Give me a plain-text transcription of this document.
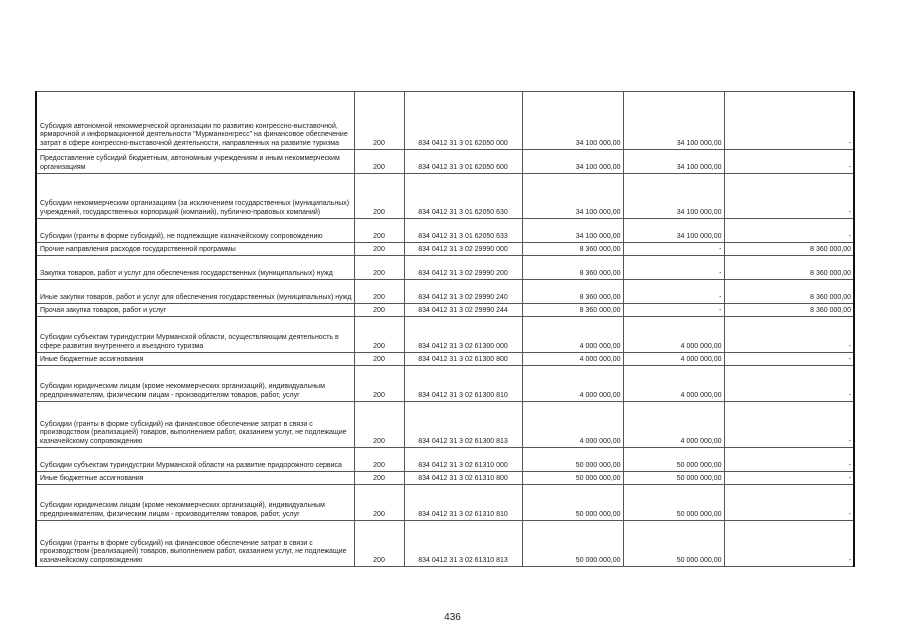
Субсидия автономной некоммерческой организации по развитию конгрессно-выставочной, ярмарочной и информационной деятельности "Мурманконгресс" на финансовое обеспечение затрат в сфере конгрессно-выставочной деятельности, направленных на развитие туризма	200	834 0412 31 3 01 62050 000	34 100 000,00	34 100 000,00	-
Предоставление субсидий бюджетным, автономным учреждениям и иным некоммерческим организациям	200	834 0412 31 3 01 62050 600	34 100 000,00	34 100 000,00	-
Субсидии некоммерческим организациям (за исключением государственных (муниципальных) учреждений, государственных корпораций (компаний), публично-правовых компаний)	200	834 0412 31 3 01 62050 630	34 100 000,00	34 100 000,00	-
Субсидии (гранты в форме субсидий), не подлежащие казначейскому сопровождению	200	834 0412 31 3 01 62050 633	34 100 000,00	34 100 000,00	-
Прочие направления расходов государственной программы	200	834 0412 31 3 02 29990 000	8 360 000,00	-	8 360 000,00
Закупка товаров, работ и услуг для обеспечения государственных (муниципальных) нужд	200	834 0412 31 3 02 29990 200	8 360 000,00	-	8 360 000,00
Иные закупки товаров, работ и услуг для обеспечения государственных (муниципальных) нужд	200	834 0412 31 3 02 29990 240	8 360 000,00	-	8 360 000,00
Прочая закупка товаров, работ и услуг	200	834 0412 31 3 02 29990 244	8 360 000,00	-	8 360 000,00
Субсидии субъектам туриндустрии Мурманской области, осуществляющим деятельность в сфере развития внутреннего и въездного туризма	200	834 0412 31 3 02 61300 000	4 000 000,00	4 000 000,00	-
Иные бюджетные ассигнования	200	834 0412 31 3 02 61300 800	4 000 000,00	4 000 000,00	-
Субсидии юридическим лицам (кроме некоммерческих организаций), индивидуальным предпринимателям, физическим лицам - производителям товаров, работ, услуг	200	834 0412 31 3 02 61300 810	4 000 000,00	4 000 000,00	-
Субсидии (гранты в форме субсидий) на финансовое обеспечение затрат в связи с производством (реализацией) товаров, выполнением работ, оказанием услуг, не подлежащие казначейскому сопровождению	200	834 0412 31 3 02 61300 813	4 000 000,00	4 000 000,00	-
Субсидии субъектам туриндустрии Мурманской области на развитие придорожного сервиса	200	834 0412 31 3 02 61310 000	50 000 000,00	50 000 000,00	-
Иные бюджетные ассигнования	200	834 0412 31 3 02 61310 800	50 000 000,00	50 000 000,00	-
Субсидии юридическим лицам (кроме некоммерческих организаций), индивидуальным предпринимателям, физическим лицам - производителям товаров, работ, услуг	200	834 0412 31 3 02 61310 810	50 000 000,00	50 000 000,00	-
Субсидии (гранты в форме субсидий) на финансовое обеспечение затрат в связи с производством (реализацией) товаров, выполнением работ, оказанием услуг, не подлежащие казначейскому сопровождению	200	834 0412 31 3 02 61310 813	50 000 000,00	50 000 000,00	-
436
